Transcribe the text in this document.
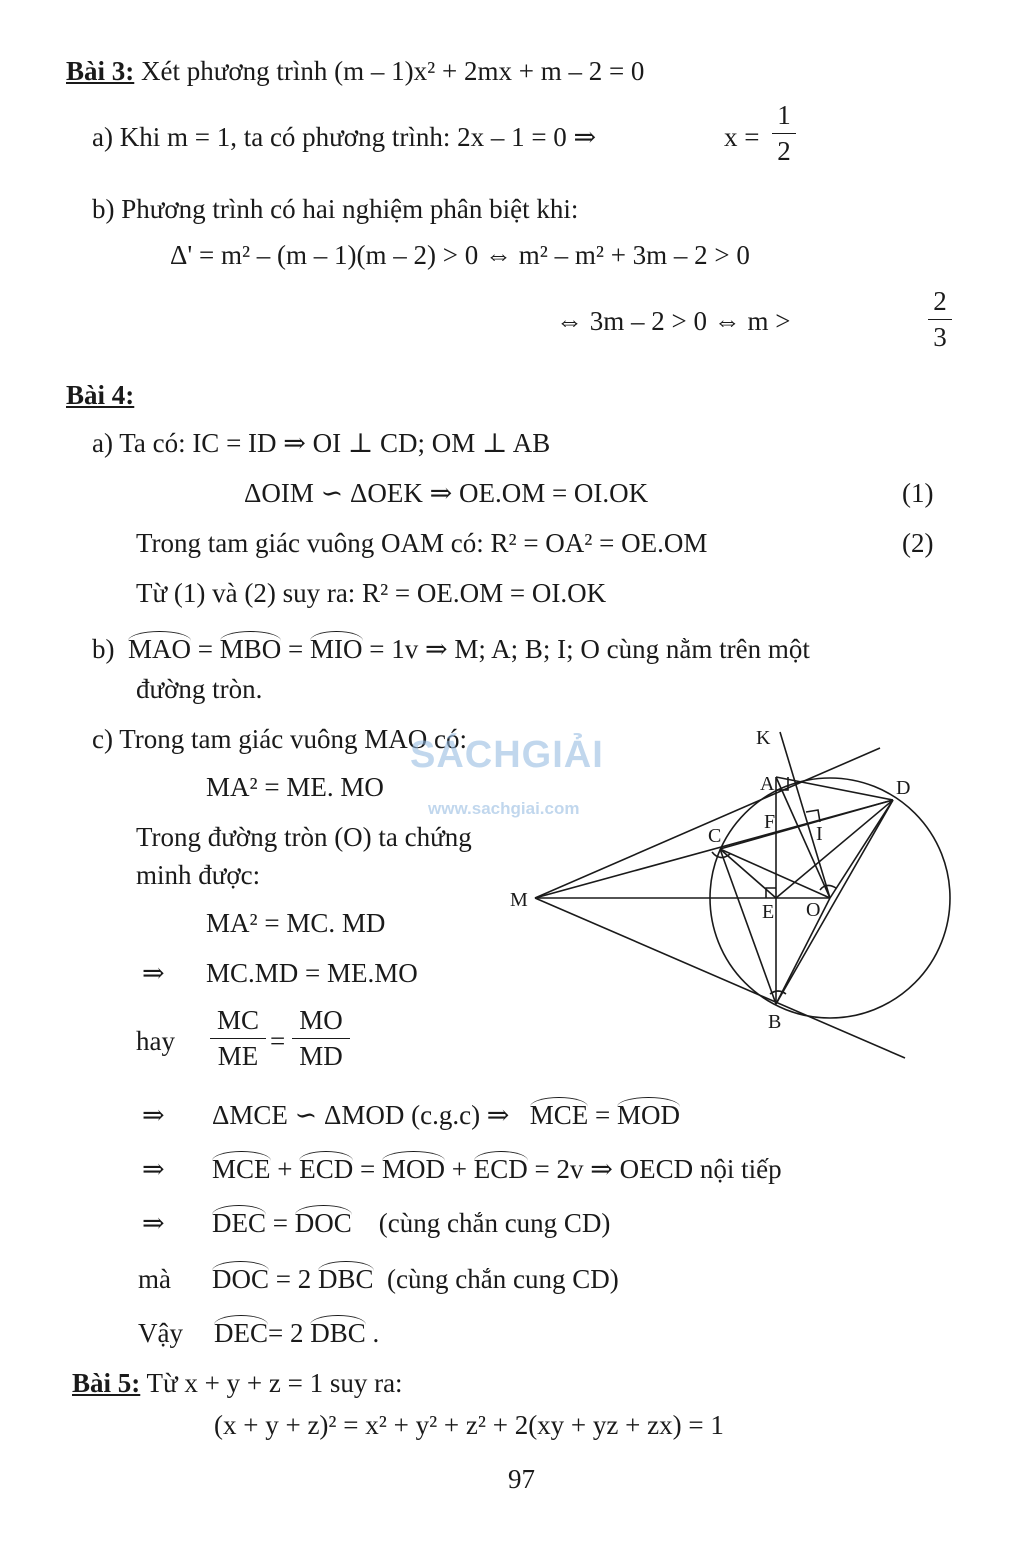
Bài 3: Xét phương trình (m – 1)x² + 2mx + m – 2 = 0
a) Khi m = 1, ta có phương trình: 2x – 1 = 0 ⇒	x =
1
2
b) Phương trình có hai nghiệm phân biệt khi:
Δ' = m² – (m – 1)(m – 2) > 0 ⇔ m² – m² + 3m – 2 > 0
⇔ 3m – 2 > 0 ⇔ m >
2
3
Bài 4:
a) Ta có: IC = ID ⇒ OI ⊥ CD; OM ⊥ AB
ΔOIM ∽ ΔOEK ⇒ OE.OM = OI.OK	(1)
Trong tam giác vuông OAM có: R² = OA² = OE.OM	(2)
Từ (1) và (2) suy ra: R² = OE.OM = OI.OK
b) MAO = MBO = MIO = 1v ⇒ M; A; B; I; O cùng nằm trên một
đường tròn.
c) Trong tam giác vuông MAO có:
MA² = ME. MO
Trong đường tròn (O) ta chứng
minh được:
MA² = MC. MD
⇒ MC.MD = ME.MO
hay
MC
ME =
MO
MD
⇒ ΔMCE ∽ ΔMOD (c.g.c) ⇒ MCE = MOD
⇒ MCE + ECD = MOD + ECD = 2v ⇒ OECD nội tiếp
⇒ DEC = DOC (cùng chắn cung CD)
mà DOC = 2 DBC (cùng chắn cung CD)
Vậy DEC= 2 DBC .
Bài 5: Từ x + y + z = 1 suy ra:
(x + y + z)² = x² + y² + z² + 2(xy + yz + zx) = 1
97
SÁCHGIẢI
www.sachgiai.com
K
A	D
F
C	I
M
E O
B
